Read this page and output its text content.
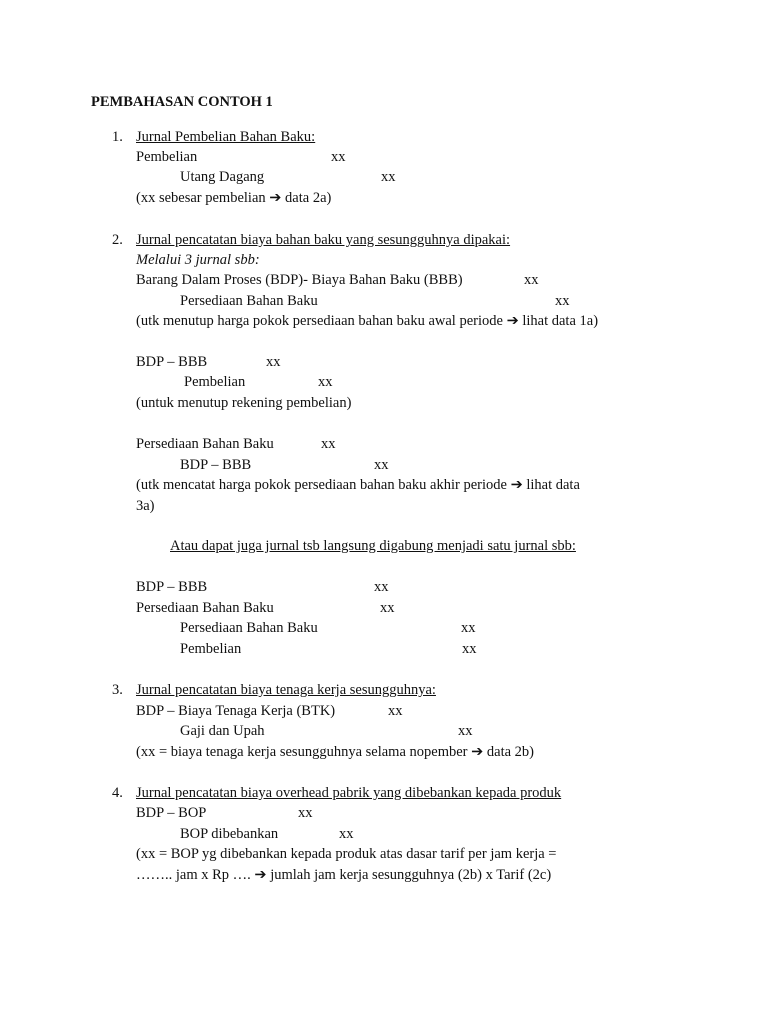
PEMBAHASAN CONTOH 1
1. Jurnal Pembelian Bahan Baku:
Pembelian	xx
Utang Dagang	xx
(xx sebesar pembelian ➔ data 2a)
2. Jurnal pencatatan biaya bahan baku yang sesungguhnya dipakai:
Melalui 3 jurnal sbb:
Barang Dalam Proses (BDP)- Biaya Bahan Baku (BBB)	xx
Persediaan Bahan Baku	xx
(utk menutup harga pokok persediaan bahan baku awal periode ➔ lihat data 1a)
BDP – BBB	xx
Pembelian	xx
(untuk menutup rekening pembelian)
Persediaan Bahan Baku	xx
BDP – BBB	xx
(utk mencatat harga pokok persediaan bahan baku akhir periode ➔ lihat data
3a)
Atau dapat juga jurnal tsb langsung digabung menjadi satu jurnal sbb:
BDP – BBB	xx
Persediaan Bahan Baku	xx
Persediaan Bahan Baku	xx
Pembelian	xx
3. Jurnal pencatatan biaya tenaga kerja sesungguhnya:
BDP – Biaya Tenaga Kerja (BTK)	xx
Gaji dan Upah	xx
(xx = biaya tenaga kerja sesungguhnya selama nopember ➔ data 2b)
4. Jurnal pencatatan biaya overhead pabrik yang dibebankan kepada produk
BDP – BOP	xx
BOP dibebankan	xx
(xx = BOP yg dibebankan kepada produk atas dasar tarif per jam kerja =
…….. jam x Rp …. ➔ jumlah jam kerja sesungguhnya (2b) x Tarif (2c)
